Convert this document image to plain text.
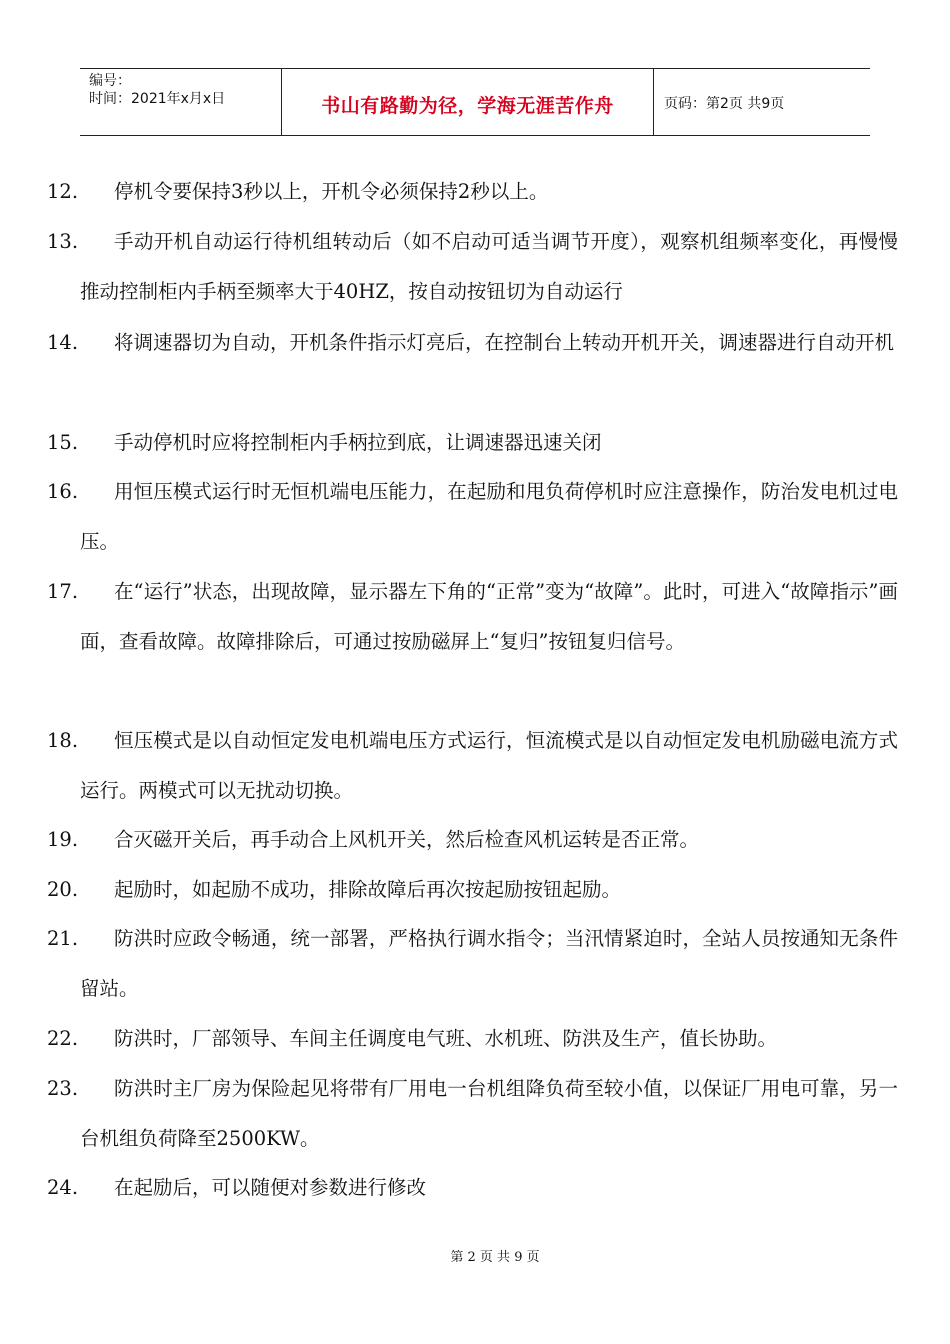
编号：
时间：2021年x月x日	书山有路勤为径，学海无涯苦作舟	页码：第2页 共9页
12.	停机令要保持3秒以上，开机令必须保持2秒以上。
13.	手动开机自动运行待机组转动后（如不启动可适当调节开度），观察机组频率变化，再慢慢推动控制柜内手柄至频率大于40HZ，按自动按钮切为自动运行
14.	将调速器切为自动，开机条件指示灯亮后，在控制台上转动开机开关，调速器进行自动开机
15.	手动停机时应将控制柜内手柄拉到底，让调速器迅速关闭
16.	用恒压模式运行时无恒机端电压能力，在起励和甩负荷停机时应注意操作，防治发电机过电压。
17.	在“运行”状态，出现故障，显示器左下角的“正常”变为“故障”。此时，可进入“故障指示”画面，查看故障。故障排除后，可通过按励磁屏上“复归”按钮复归信号。
18.	恒压模式是以自动恒定发电机端电压方式运行，恒流模式是以自动恒定发电机励磁电流方式运行。两模式可以无扰动切换。
19.	合灭磁开关后，再手动合上风机开关，然后检查风机运转是否正常。
20.	起励时，如起励不成功，排除故障后再次按起励按钮起励。
21.	防洪时应政令畅通，统一部署，严格执行调水指令；当汛情紧迫时，全站人员按通知无条件留站。
22.	防洪时，厂部领导、车间主任调度电气班、水机班、防洪及生产，值长协助。
23.	防洪时主厂房为保险起见将带有厂用电一台机组降负荷至较小值，以保证厂用电可靠，另一台机组负荷降至2500KW。
24.	在起励后，可以随便对参数进行修改
第 2 页 共 9 页
